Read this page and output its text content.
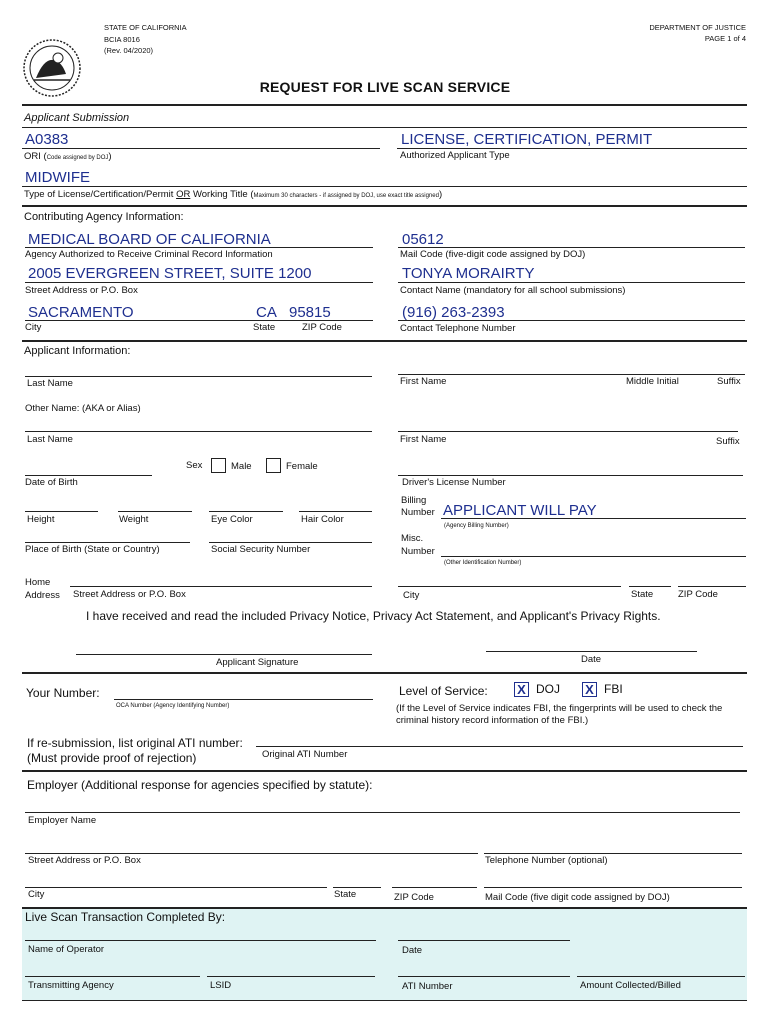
STATE OF CALIFORNIA
BCIA 8016
(Rev. 04/2020)
DEPARTMENT OF JUSTICE
PAGE 1 of 4
REQUEST FOR LIVE SCAN SERVICE
Applicant Submission
A0383
ORI (Code assigned by DOJ)
LICENSE, CERTIFICATION, PERMIT
Authorized Applicant Type
MIDWIFE
Type of License/Certification/Permit OR Working Title (Maximum 30 characters - if assigned by DOJ, use exact title assigned)
Contributing Agency Information:
MEDICAL BOARD OF CALIFORNIA
Agency Authorized to Receive Criminal Record Information
05612
Mail Code (five-digit code assigned by DOJ)
2005 EVERGREEN STREET, SUITE 1200
Street Address or P.O. Box
TONYA MORAIRTY
Contact Name (mandatory for all school submissions)
SACRAMENTO	CA 95815
City	State	ZIP Code
(916) 263-2393
Contact Telephone Number
Applicant Information:
Last Name	First Name	Middle Initial	Suffix
Other Name: (AKA or Alias)
Last Name	First Name	Suffix
Sex	Male	Female
Date of Birth	Driver's License Number
Height	Weight	Eye Color	Hair Color
Billing
Number APPLICANT WILL PAY
(Agency Billing Number)
Place of Birth (State or Country)	Social Security Number
Misc.
Number
(Other Identification Number)
Home
Address Street Address or P.O. Box	City	State	ZIP Code
I have received and read the included Privacy Notice, Privacy Act Statement, and Applicant's Privacy Rights.
Applicant Signature	Date
Your Number:
OCA Number (Agency Identifying Number)
Level of Service: X DOJ X FBI
(If the Level of Service indicates FBI, the fingerprints will be used to check the
criminal history record information of the FBI.)
If re-submission, list original ATI number:
(Must provide proof of rejection)	Original ATI Number
Employer (Additional response for agencies specified by statute):
Employer Name
Street Address or P.O. Box	Telephone Number (optional)
City	State	ZIP Code	Mail Code (five digit code assigned by DOJ)
Live Scan Transaction Completed By:
Name of Operator	Date
Transmitting Agency	LSID	ATI Number	Amount Collected/Billed
